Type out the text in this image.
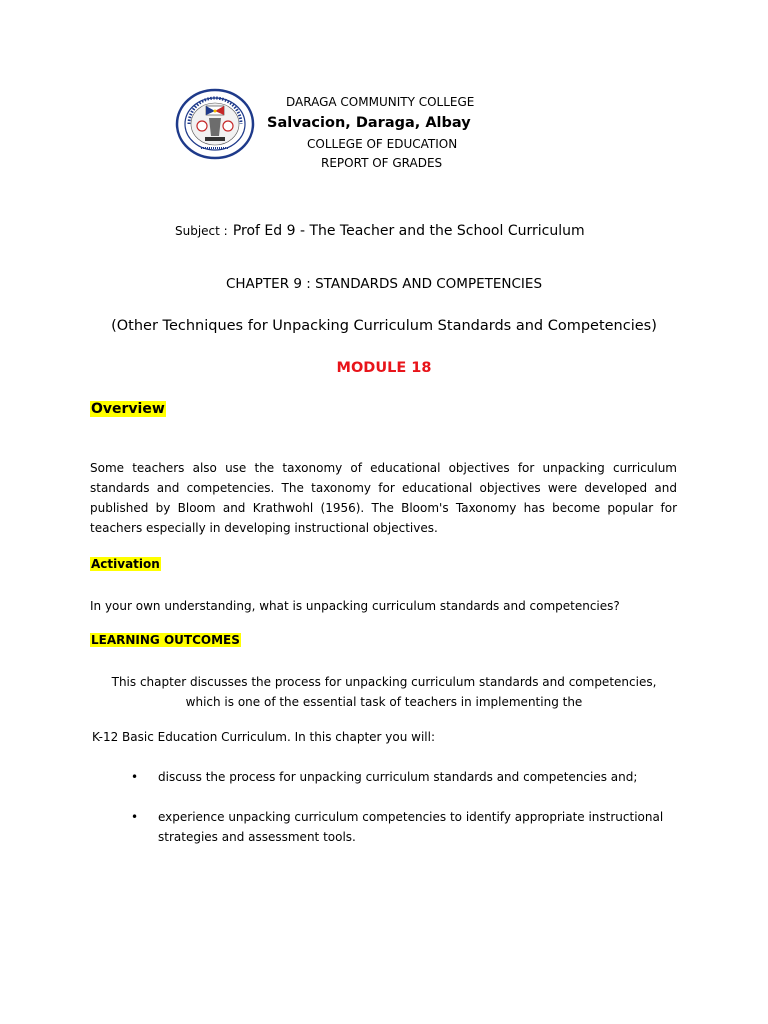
DARAGA COMMUNITY COLLEGE
Salvacion, Daraga, Albay
COLLEGE OF EDUCATION
REPORT OF GRADES
Subject : Prof Ed 9 - The Teacher and the School Curriculum
CHAPTER 9 : STANDARDS AND COMPETENCIES
(Other Techniques for Unpacking Curriculum Standards and Competencies)
MODULE 18
Overview
Some teachers also use the taxonomy of educational objectives for unpacking curriculum standards and competencies. The taxonomy for educational objectives were developed and published by Bloom and Krathwohl (1956). The Bloom's Taxonomy has become popular for teachers especially in developing instructional objectives.
Activation
In your own understanding, what is unpacking curriculum standards and competencies?
LEARNING OUTCOMES
This chapter discusses the process for unpacking curriculum standards and competencies,
which is one of the essential task of teachers in implementing the
K-12 Basic Education Curriculum. In this chapter you will:
• discuss the process for unpacking curriculum standards and competencies and;
• experience unpacking curriculum competencies to identify appropriate instructional strategies and assessment tools.
